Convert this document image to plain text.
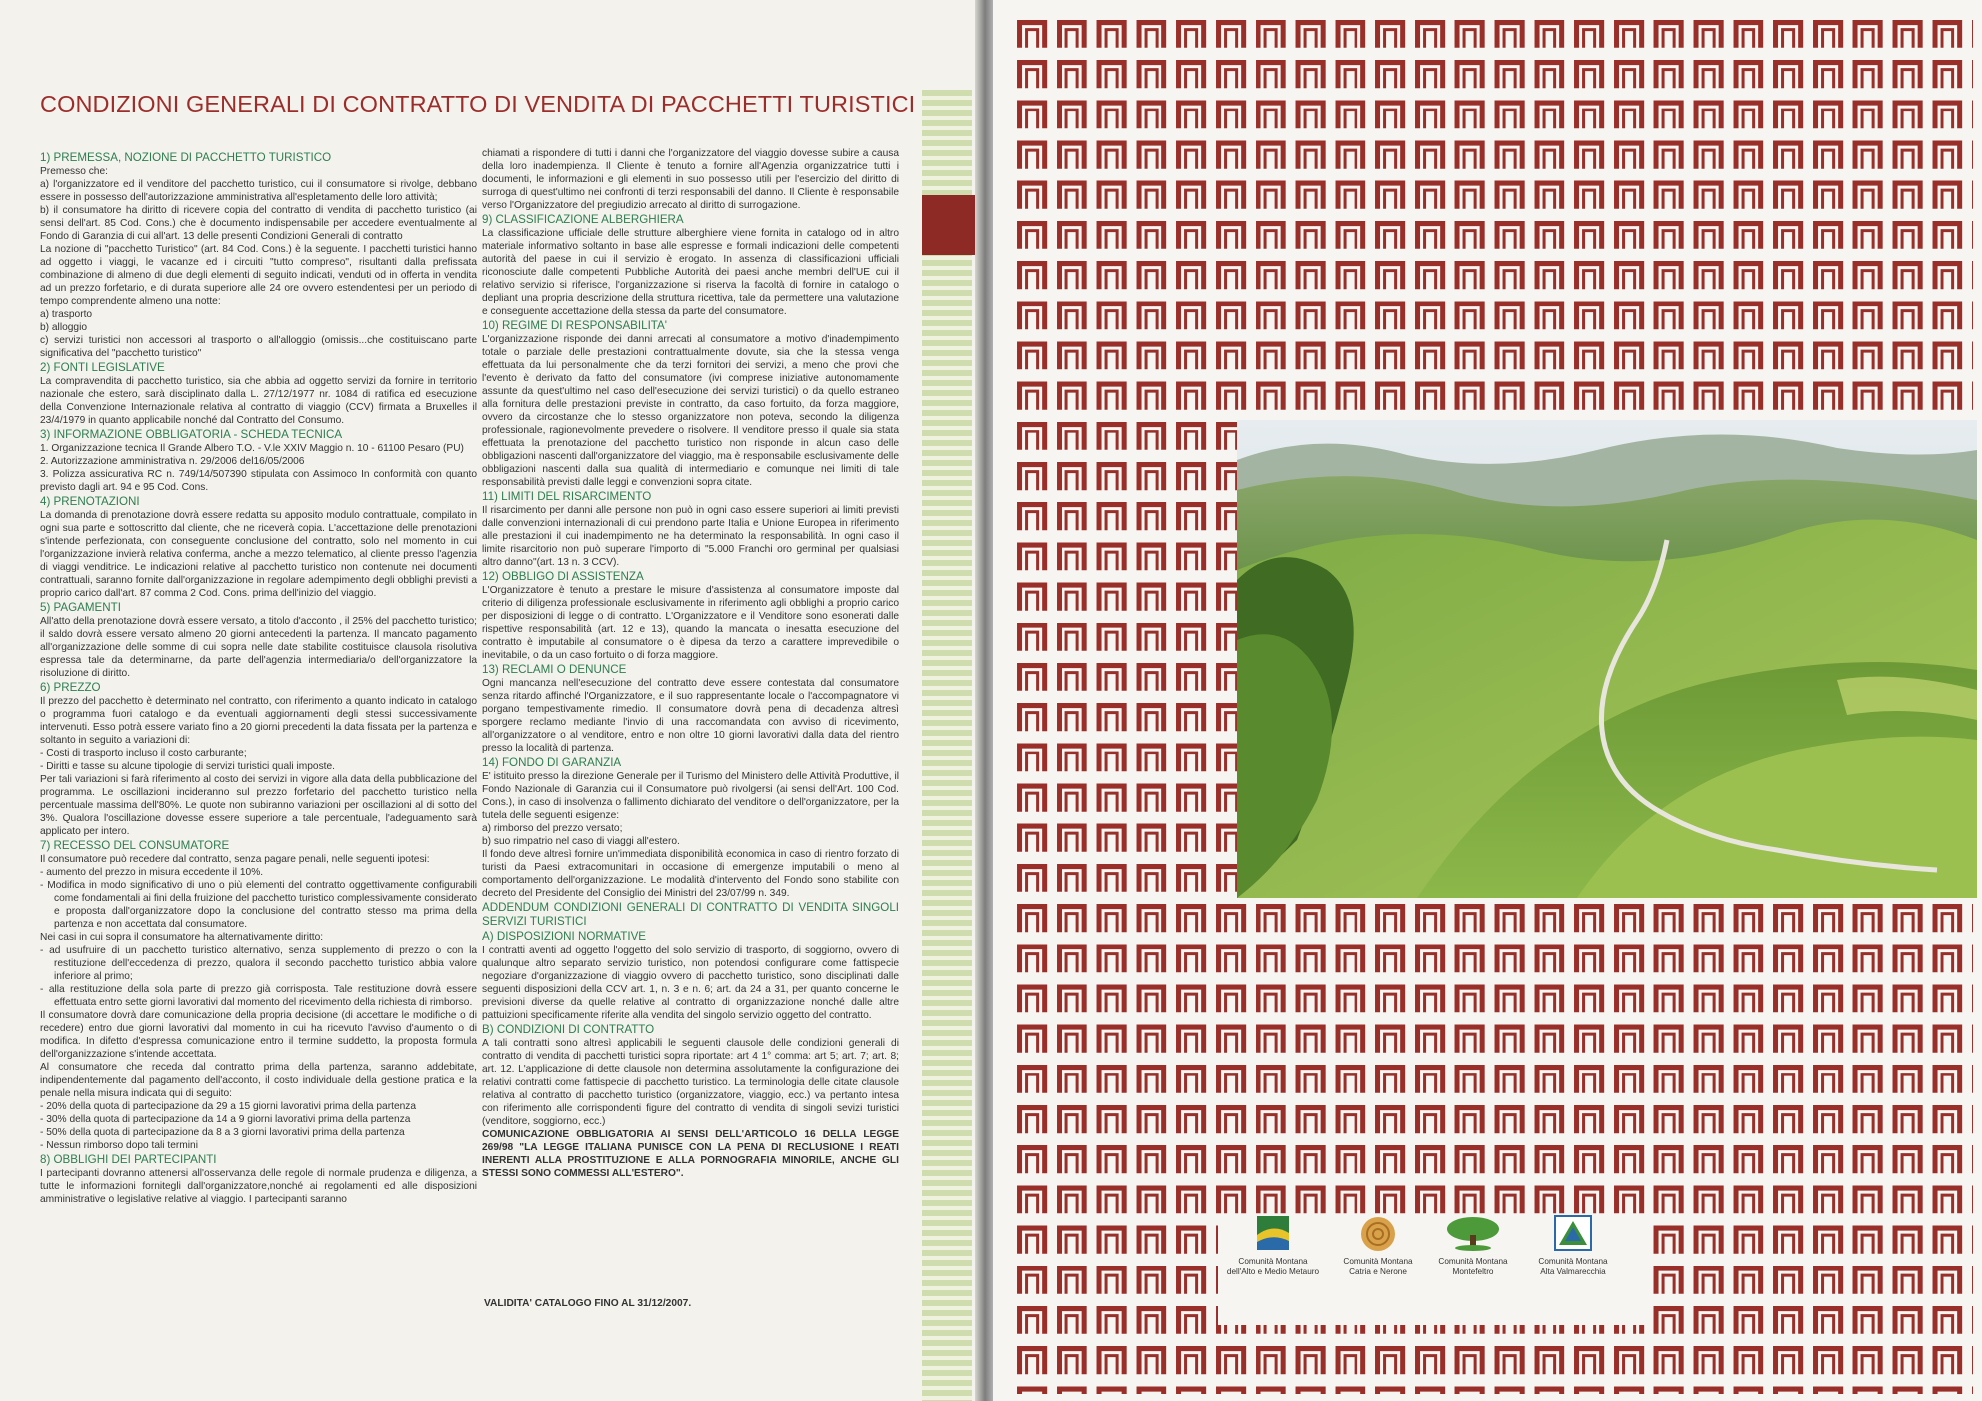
CONDIZIONI GENERALI DI CONTRATTO DI VENDITA DI PACCHETTI TURISTICI
1) PREMESSA, NOZIONE DI PACCHETTO TURISTICO
Premesso che:
a) l'organizzatore ed il venditore del pacchetto turistico, cui il consumatore si rivolge, debbano essere in possesso dell'autorizzazione amministrativa all'espletamento delle loro attività;
b) il consumatore ha diritto di ricevere copia del contratto di vendita di pacchetto turistico (ai sensi dell'art. 85 Cod. Cons.) che è documento indispensabile per accedere eventualmente al Fondo di Garanzia di cui all'art. 13 delle presenti Condizioni Generali di contratto
La nozione di "pacchetto Turistico" (art. 84 Cod. Cons.) è la seguente. I pacchetti turistici hanno ad oggetto i viaggi, le vacanze ed i circuiti "tutto compreso", risultanti dalla prefissata combinazione di almeno di due degli elementi di seguito indicati, venduti od in offerta in vendita ad un prezzo forfetario, e di durata superiore alle 24 ore ovvero estendentesi per un periodo di tempo comprendente almeno una notte:
a) trasporto
b) alloggio
c) servizi turistici non accessori al trasporto o all'alloggio (omissis...che costituiscano parte significativa del "pacchetto turistico"
2) FONTI LEGISLATIVE
La compravendita di pacchetto turistico, sia che abbia ad oggetto servizi da fornire in territorio nazionale che estero, sarà disciplinato dalla L. 27/12/1977 nr. 1084 di ratifica ed esecuzione della Convenzione Internazionale relativa al contratto di viaggio (CCV) firmata a Bruxelles il 23/4/1979 in quanto applicabile nonché dal Contratto del Consumo.
3) INFORMAZIONE OBBLIGATORIA - SCHEDA TECNICA
1. Organizzazione tecnica Il Grande Albero T.O. - V.le XXIV Maggio n. 10 - 61100 Pesaro (PU)
2. Autorizzazione amministrativa n. 29/2006 del16/05/2006
3. Polizza assicurativa RC n. 749/14/507390 stipulata con Assimoco In conformità con quanto previsto dagli art. 94 e 95 Cod. Cons.
4) PRENOTAZIONI
La domanda di prenotazione dovrà essere redatta su apposito modulo contrattuale, compilato in ogni sua parte e sottoscritto dal cliente, che ne riceverà copia. L'accettazione delle prenotazioni s'intende perfezionata, con conseguente conclusione del contratto, solo nel momento in cui l'organizzazione invierà relativa conferma, anche a mezzo telematico, al cliente presso l'agenzia di viaggi venditrice. Le indicazioni relative al pacchetto turistico non contenute nei documenti contrattuali, saranno fornite dall'organizzazione in regolare adempimento degli obblighi previsti a proprio carico dall'art. 87 comma 2 Cod. Cons. prima dell'inizio del viaggio.
5) PAGAMENTI
All'atto della prenotazione dovrà essere versato, a titolo d'acconto , il 25% del pacchetto turistico; il saldo dovrà essere versato almeno 20 giorni antecedenti la partenza. Il mancato pagamento all'organizzazione delle somme di cui sopra nelle date stabilite costituisce clausola risolutiva espressa tale da determinarne, da parte dell'agenzia intermediaria/o dell'organizzatore la risoluzione di diritto.
6) PREZZO
Il prezzo del pacchetto è determinato nel contratto, con riferimento a quanto indicato in catalogo o programma fuori catalogo e da eventuali aggiornamenti degli stessi successivamente intervenuti. Esso potrà essere variato fino a 20 giorni precedenti la data fissata per la partenza e soltanto in seguito a variazioni di:
- Costi di trasporto incluso il costo carburante;
- Diritti e tasse su alcune tipologie di servizi turistici quali imposte.
Per tali variazioni si farà riferimento al costo dei servizi in vigore alla data della pubblicazione del programma. Le oscillazioni incideranno sul prezzo forfetario del pacchetto turistico nella percentuale massima dell'80%. Le quote non subiranno variazioni per oscillazioni al di sotto del 3%. Qualora l'oscillazione dovesse essere superiore a tale percentuale, l'adeguamento sarà applicato per intero.
7) RECESSO DEL CONSUMATORE
Il consumatore può recedere dal contratto, senza pagare penali, nelle seguenti ipotesi:
- aumento del prezzo in misura eccedente il 10%.
- Modifica in modo significativo di uno o più elementi del contratto oggettivamente configurabili come fondamentali ai fini della fruizione del pacchetto turistico complessivamente considerato e proposta dall'organizzatore dopo la conclusione del contratto stesso ma prima della partenza e non accettata dal consumatore.
Nei casi in cui sopra il consumatore ha alternativamente diritto:
- ad usufruire di un pacchetto turistico alternativo, senza supplemento di prezzo o con la restituzione dell'eccedenza di prezzo, qualora il secondo pacchetto turistico abbia valore inferiore al primo;
- alla restituzione della sola parte di prezzo già corrisposta. Tale restituzione dovrà essere effettuata entro sette giorni lavorativi dal momento del ricevimento della richiesta di rimborso.
Il consumatore dovrà dare comunicazione della propria decisione (di accettare le modifiche o di recedere) entro due giorni lavorativi dal momento in cui ha ricevuto l'avviso d'aumento o di modifica. In difetto d'espressa comunicazione entro il termine suddetto, la proposta formula dell'organizzazione s'intende accettata.
Al consumatore che receda dal contratto prima della partenza, saranno addebitate, indipendentemente dal pagamento dell'acconto, il costo individuale della gestione pratica e la penale nella misura indicata qui di seguito:
- 20% della quota di partecipazione da 29 a 15 giorni lavorativi prima della partenza
- 30% della quota di partecipazione da 14 a 9 giorni lavorativi prima della partenza
- 50% della quota di partecipazione da 8 a 3 giorni lavorativi prima della partenza
- Nessun rimborso dopo tali termini
8) OBBLIGHI DEI PARTECIPANTI
I partecipanti dovranno attenersi all'osservanza delle regole di normale prudenza e diligenza, a tutte le informazioni fornitegli dall'organizzatore,nonché ai regolamenti ed alle disposizioni amministrative o legislative relative al viaggio. I partecipanti saranno
chiamati a rispondere di tutti i danni che l'organizzatore del viaggio dovesse subire a causa della loro inadempienza. Il Cliente è tenuto a fornire all'Agenzia organizzatrice tutti i documenti, le informazioni e gli elementi in suo possesso utili per l'esercizio del diritto di surroga di quest'ultimo nei confronti di terzi responsabili del danno. Il Cliente è responsabile verso l'Organizzatore del pregiudizio arrecato al diritto di surrogazione.
9) CLASSIFICAZIONE ALBERGHIERA
La classificazione ufficiale delle strutture alberghiere viene fornita in catalogo od in altro materiale informativo soltanto in base alle espresse e formali indicazioni delle competenti autorità del paese in cui il servizio è erogato. In assenza di classificazioni ufficiali riconosciute dalle competenti Pubbliche Autorità dei paesi anche membri dell'UE cui il relativo servizio si riferisce, l'organizzazione si riserva la facoltà di fornire in catalogo o depliant una propria descrizione della struttura ricettiva, tale da permettere una valutazione e conseguente accettazione della stessa da parte del consumatore.
10) REGIME DI RESPONSABILITA'
L'organizzazione risponde dei danni arrecati al consumatore a motivo d'inadempimento totale o parziale delle prestazioni contrattualmente dovute, sia che la stessa venga effettuata da lui personalmente che da terzi fornitori dei servizi, a meno che provi che l'evento è derivato da fatto del consumatore (ivi comprese iniziative autonomamente assunte da quest'ultimo nel caso dell'esecuzione dei servizi turistici) o da quello estraneo alla fornitura delle prestazioni previste in contratto, da caso fortuito, da forza maggiore, ovvero da circostanze che lo stesso organizzatore non poteva, secondo la diligenza professionale, ragionevolmente prevedere o risolvere. Il venditore presso il quale sia stata effettuata la prenotazione del pacchetto turistico non risponde in alcun caso delle obbligazioni nascenti dall'organizzatore del viaggio, ma è responsabile esclusivamente delle obbligazioni nascenti dalla sua qualità di intermediario e comunque nei limiti di tale responsabilità previsti dalle leggi e convenzioni sopra citate.
11) LIMITI DEL RISARCIMENTO
Il risarcimento per danni alle persone non può in ogni caso essere superiori ai limiti previsti dalle convenzioni internazionali di cui prendono parte Italia e Unione Europea in riferimento alle prestazioni il cui inadempimento ne ha determinato la responsabilità. In ogni caso il limite risarcitorio non può superare l'importo di "5.000 Franchi oro germinal per qualsiasi altro danno"(art. 13 n. 3 CCV).
12) OBBLIGO DI ASSISTENZA
L'Organizzatore è tenuto a prestare le misure d'assistenza al consumatore imposte dal criterio di diligenza professionale esclusivamente in riferimento agli obblighi a proprio carico per disposizioni di legge o di contratto. L'Organizzatore e il Venditore sono esonerati dalle rispettive responsabilità (art. 12 e 13), quando la mancata o inesatta esecuzione del contratto è imputabile al consumatore o è dipesa da terzo a carattere imprevedibile o inevitabile, o da un caso fortuito o di forza maggiore.
13) RECLAMI O DENUNCE
Ogni mancanza nell'esecuzione del contratto deve essere contestata dal consumatore senza ritardo affinché l'Organizzatore, e il suo rappresentante locale o l'accompagnatore vi porgano tempestivamente rimedio. Il consumatore dovrà pena di decadenza altresì sporgere reclamo mediante l'invio di una raccomandata con avviso di ricevimento, all'organizzatore o al venditore, entro e non oltre 10 giorni lavorativi dalla data del rientro presso la località di partenza.
14) FONDO DI GARANZIA
E' istituito presso la direzione Generale per il Turismo del Ministero delle Attività Produttive, il Fondo Nazionale di Garanzia cui il Consumatore può rivolgersi (ai sensi dell'Art. 100 Cod. Cons.), in caso di insolvenza o fallimento dichiarato del venditore o dell'organizzatore, per la tutela delle seguenti esigenze:
a) rimborso del prezzo versato;
b) suo rimpatrio nel caso di viaggi all'estero.
Il fondo deve altresì fornire un'immediata disponibilità economica in caso di rientro forzato di turisti da Paesi extracomunitari in occasione di emergenze imputabili o meno al comportamento dell'organizzazione. Le modalità d'intervento del Fondo sono stabilite con decreto del Presidente del Consiglio dei Ministri del 23/07/99 n. 349.
ADDENDUM CONDIZIONI GENERALI DI CONTRATTO DI VENDITA SINGOLI SERVIZI TURISTICI
A) DISPOSIZIONI NORMATIVE
I contratti aventi ad oggetto l'oggetto del solo servizio di trasporto, di soggiorno, ovvero di qualunque altro separato servizio turistico, non potendosi configurare come fattispecie negoziare d'organizzazione di viaggio ovvero di pacchetto turistico, sono disciplinati dalle seguenti disposizioni della CCV art. 1, n. 3 e n. 6; art. da 24 a 31, per quanto concerne le previsioni diverse da quelle relative al contratto di organizzazione nonché dalle altre pattuizioni specificamente riferite alla vendita del singolo servizio oggetto del contratto.
B) CONDIZIONI DI CONTRATTO
A tali contratti sono altresì applicabili le seguenti clausole delle condizioni generali di contratto di vendita di pacchetti turistici sopra riportate: art 4 1° comma: art 5; art. 7; art. 8; art. 12. L'applicazione di dette clausole non determina assolutamente la configurazione dei relativi contratti come fattispecie di pacchetto turistico. La terminologia delle citate clausole relativa al contratto di pacchetto turistico (organizzatore, viaggio, ecc.) va pertanto intesa con riferimento alle corrispondenti figure del contratto di vendita di singoli sevizi turistici (venditore, soggiorno, ecc.)
COMUNICAZIONE OBBLIGATORIA AI SENSI DELL'ARTICOLO 16 DELLA LEGGE 269/98 "LA LEGGE ITALIANA PUNISCE CON LA PENA DI RECLUSIONE I REATI INERENTI ALLA PROSTITUZIONE E ALLA PORNOGRAFIA MINORILE, ANCHE GLI STESSI SONO COMMESSI ALL'ESTERO".
VALIDITA' CATALOGO FINO AL 31/12/2007.
Comunità Montana
dell'Alto e Medio Metauro
Comunità Montana
Catria e Nerone
Comunità Montana
Montefeltro
Comunità Montana
Alta Valmarecchia
